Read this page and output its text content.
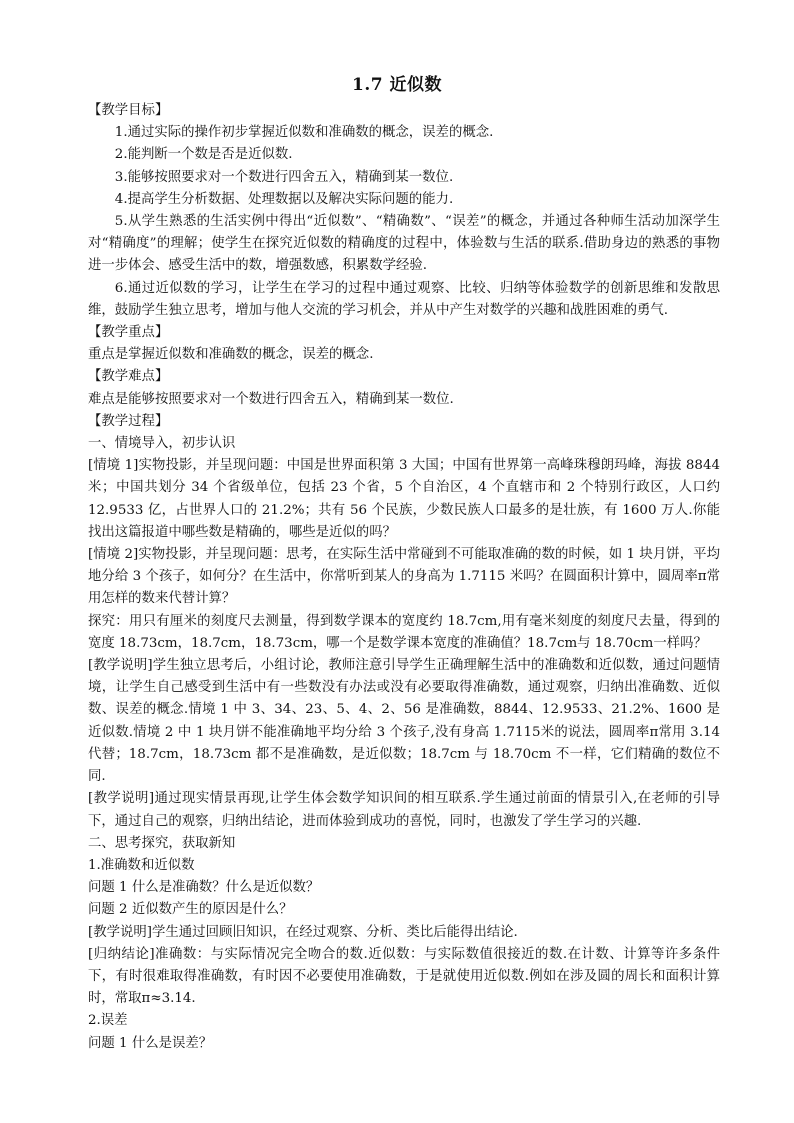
1.7 近似数

【教学目标】

1.通过实际的操作初步掌握近似数和准确数的概念，误差的概念.

2.能判断一个数是否是近似数.

3.能够按照要求对一个数进行四舍五入，精确到某一数位.

4.提高学生分析数据、处理数据以及解决实际问题的能力.

5.从学生熟悉的生活实例中得出“近似数”、“精确数”、“误差”的概念，并通过各种师生活动加深学生对“精确度”的理解；使学生在探究近似数的精确度的过程中，体验数与生活的联系.借助身边的熟悉的事物进一步体会、感受生活中的数，增强数感，积累数学经验.

6.通过近似数的学习，让学生在学习的过程中通过观察、比较、归纳等体验数学的创新思维和发散思维，鼓励学生独立思考，增加与他人交流的学习机会，并从中产生对数学的兴趣和战胜困难的勇气.

【教学重点】

重点是掌握近似数和准确数的概念，误差的概念.

【教学难点】

难点是能够按照要求对一个数进行四舍五入，精确到某一数位.

【教学过程】

一、情境导入，初步认识

[情境 1]实物投影，并呈现问题：中国是世界面积第 3 大国；中国有世界第一高峰珠穆朗玛峰，海拔 8844 米；中国共划分 34 个省级单位，包括 23 个省，5 个自治区，4 个直辖市和 2 个特别行政区，人口约 12.9533 亿，占世界人口的 21.2%；共有 56 个民族，少数民族人口最多的是壮族，有 1600 万人.你能找出这篇报道中哪些数是精确的，哪些是近似的吗？

[情境 2]实物投影，并呈现问题：思考，在实际生活中常碰到不可能取准确的数的时候，如 1 块月饼，平均地分给 3 个孩子，如何分？在生活中，你常听到某人的身高为 1.7115 米吗？在圆面积计算中，圆周率π常用怎样的数来代替计算？

探究：用只有厘米的刻度尺去测量，得到数学课本的宽度约 18.7cm,用有毫米刻度的刻度尺去量，得到的宽度 18.73cm，18.7cm，18.73cm，哪一个是数学课本宽度的准确值？18.7cm与 18.70cm一样吗？

[教学说明]学生独立思考后，小组讨论，教师注意引导学生正确理解生活中的准确数和近似数，通过问题情境，让学生自己感受到生活中有一些数没有办法或没有必要取得准确数，通过观察，归纳出准确数、近似数、误差的概念.情境 1 中 3、34、23、5、4、2、56 是准确数，8844、12.9533、21.2%、1600 是近似数.情境 2 中 1 块月饼不能准确地平均分给 3 个孩子,没有身高 1.7115米的说法，圆周率π常用 3.14 代替；18.7cm，18.73cm 都不是准确数，是近似数；18.7cm 与 18.70cm 不一样，它们精确的数位不同.

[教学说明]通过现实情景再现,让学生体会数学知识间的相互联系.学生通过前面的情景引入,在老师的引导下，通过自己的观察，归纳出结论，进而体验到成功的喜悦，同时，也激发了学生学习的兴趣.

二、思考探究，获取新知

1.准确数和近似数

问题 1 什么是准确数？什么是近似数？

问题 2 近似数产生的原因是什么？

[教学说明]学生通过回顾旧知识，在经过观察、分析、类比后能得出结论.

[归纳结论]准确数：与实际情况完全吻合的数.近似数：与实际数值很接近的数.在计数、计算等许多条件下，有时很难取得准确数，有时因不必要使用准确数，于是就使用近似数.例如在涉及圆的周长和面积计算时，常取π≈3.14.

2.误差

问题 1 什么是误差？
